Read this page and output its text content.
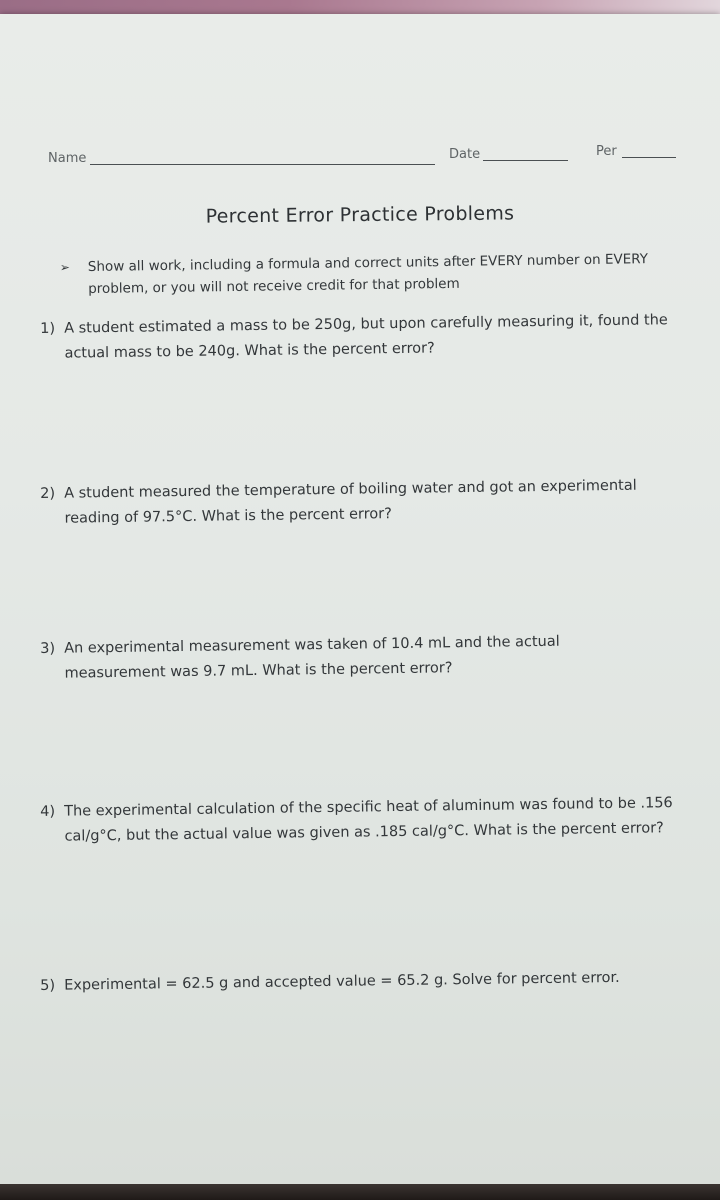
Name	Date	Per
Percent Error Practice Problems
➢	Show all work, including a formula and correct units after EVERY number on EVERY problem, or you will not receive credit for that problem
1) A student estimated a mass to be 250g, but upon carefully measuring it, found the actual mass to be 240g. What is the percent error?
2) A student measured the temperature of boiling water and got an experimental reading of 97.5°C. What is the percent error?
3) An experimental measurement was taken of 10.4 mL and the actual measurement was 9.7 mL. What is the percent error?
4) The experimental calculation of the specific heat of aluminum was found to be .156 cal/g°C, but the actual value was given as .185 cal/g°C. What is the percent error?
5) Experimental = 62.5 g and accepted value = 65.2 g. Solve for percent error.
